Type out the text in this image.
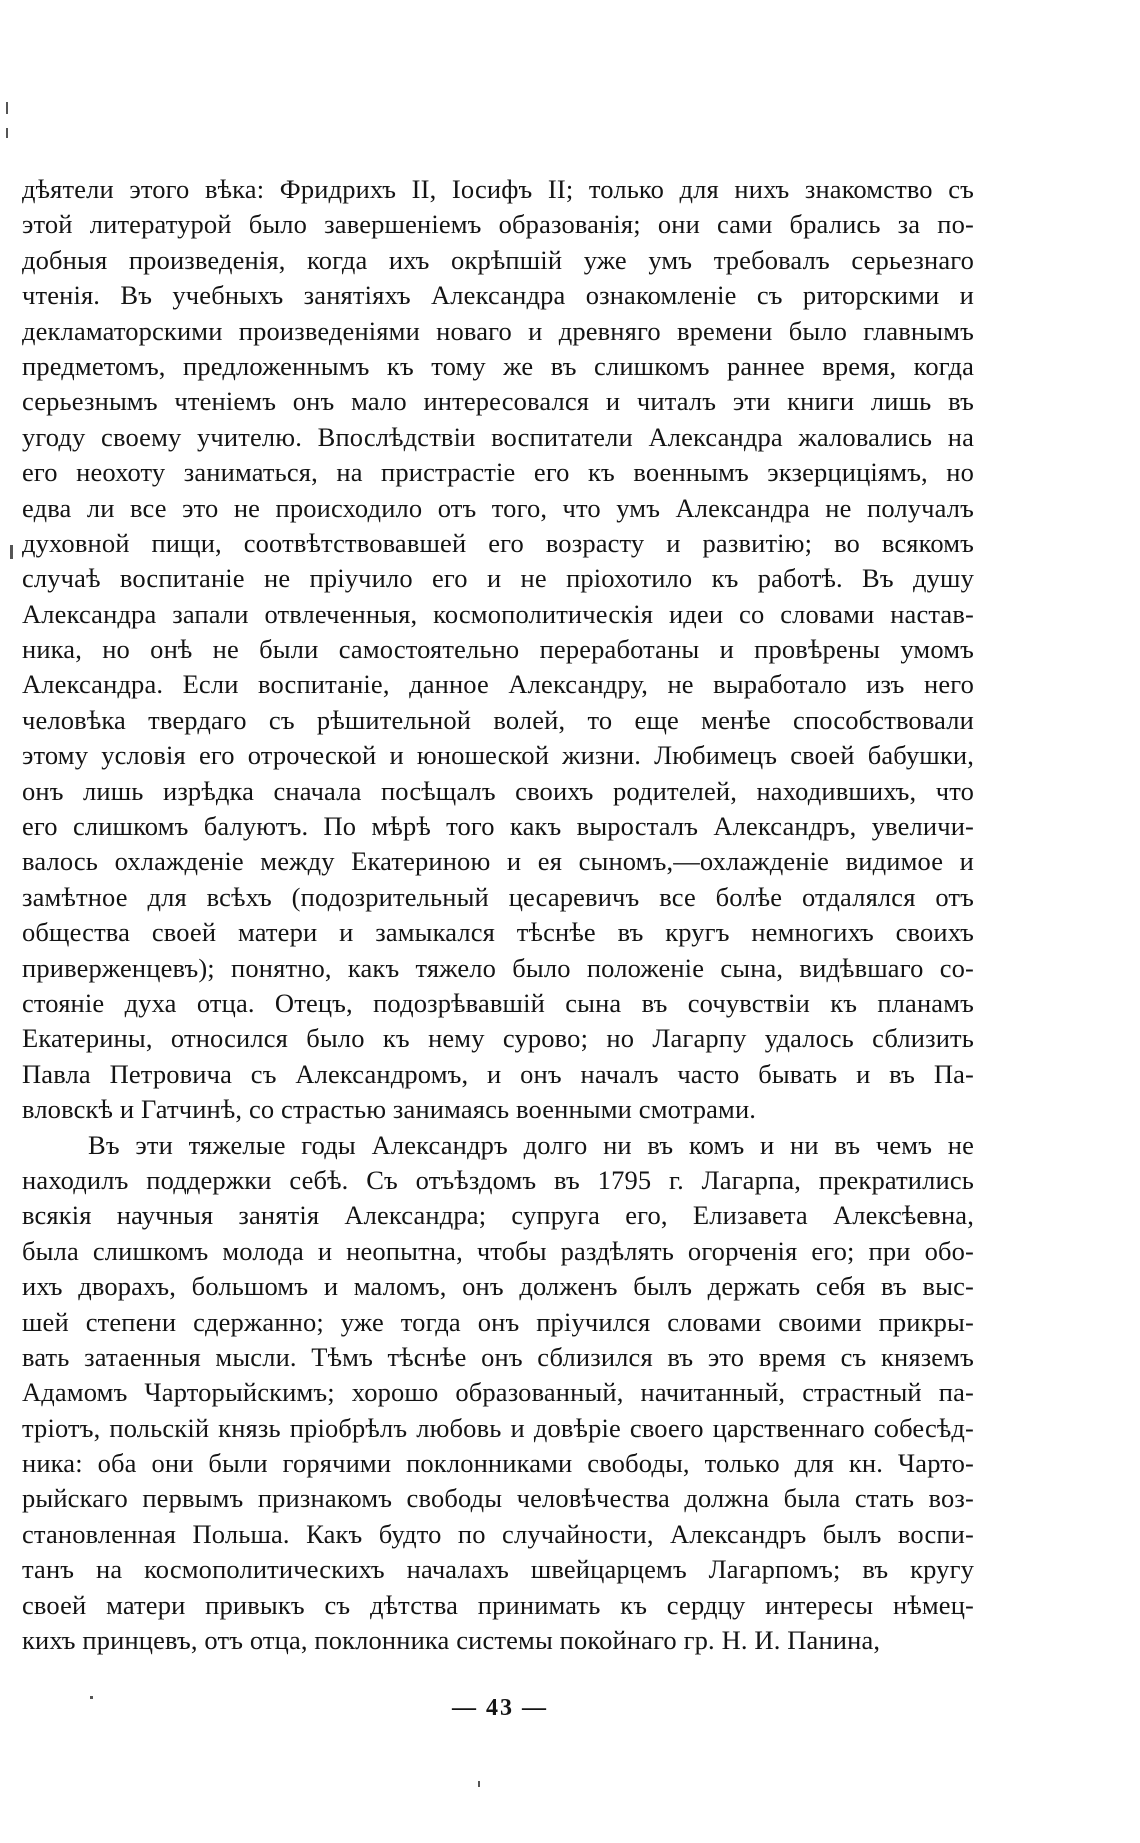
дѣятели этого вѣка: Фридрихъ II, Іосифъ II; только для нихъ знакомство съ
этой литературой было завершеніемъ образованія; они сами брались за по-
добныя произведенія, когда ихъ окрѣпшій уже умъ требовалъ серьезнаго
чтенія. Въ учебныхъ занятіяхъ Александра ознакомленіе съ риторскими и
декламаторскими произведеніями новаго и древняго времени было главнымъ
предметомъ, предложеннымъ къ тому же въ слишкомъ раннее время, когда
серьезнымъ чтеніемъ онъ мало интересовался и читалъ эти книги лишь въ
угоду своему учителю. Впослѣдствіи воспитатели Александра жаловались на
его неохоту заниматься, на пристрастіе его къ военнымъ экзерциціямъ, но
едва ли все это не происходило отъ того, что умъ Александра не получалъ
духовной пищи, соотвѣтствовавшей его возрасту и развитію; во всякомъ
случаѣ воспитаніе не пріучило его и не пріохотило къ работѣ. Въ душу
Александра запали отвлеченныя, космополитическія идеи со словами настав-
ника, но онѣ не были самостоятельно переработаны и провѣрены умомъ
Александра. Если воспитаніе, данное Александру, не выработало изъ него
человѣка твердаго съ рѣшительной волей, то еще менѣе способствовали
этому условія его отроческой и юношеской жизни. Любимецъ своей бабушки,
онъ лишь изрѣдка сначала посѣщалъ своихъ родителей, находившихъ, что
его слишкомъ балуютъ. По мѣрѣ того какъ выросталъ Александръ, увеличи-
валось охлажденіе между Екатериною и ея сыномъ,—охлажденіе видимое и
замѣтное для всѣхъ (подозрительный цесаревичъ все болѣе отдалялся отъ
общества своей матери и замыкался тѣснѣе въ кругъ немногихъ своихъ
приверженцевъ); понятно, какъ тяжело было положеніе сына, видѣвшаго со-
стояніе духа отца. Отецъ, подозрѣвавшій сына въ сочувствіи къ планамъ
Екатерины, относился было къ нему сурово; но Лагарпу удалось сблизить
Павла Петровича съ Александромъ, и онъ началъ часто бывать и въ Па-
вловскѣ и Гатчинѣ, со страстью занимаясь военными смотрами.
Въ эти тяжелые годы Александръ долго ни въ комъ и ни въ чемъ не
находилъ поддержки себѣ. Съ отъѣздомъ въ 1795 г. Лагарпа, прекратились
всякія научныя занятія Александра; супруга его, Елизавета Алексѣевна,
была слишкомъ молода и неопытна, чтобы раздѣлять огорченія его; при обо-
ихъ дворахъ, большомъ и маломъ, онъ долженъ былъ держать себя въ выс-
шей степени сдержанно; уже тогда онъ пріучился словами своими прикры-
вать затаенныя мысли. Тѣмъ тѣснѣе онъ сблизился въ это время съ княземъ
Адамомъ Чарторыйскимъ; хорошо образованный, начитанный, страстный па-
тріотъ, польскій князь пріобрѣлъ любовь и довѣріе своего царственнаго собесѣд-
ника: оба они были горячими поклонниками свободы, только для кн. Чарто-
рыйскаго первымъ признакомъ свободы человѣчества должна была стать воз-
становленная Польша. Какъ будто по случайности, Александръ былъ воспи-
танъ на космополитическихъ началахъ швейцарцемъ Лагарпомъ; въ кругу
своей матери привыкъ съ дѣтства принимать къ сердцу интересы нѣмец-
кихъ принцевъ, отъ отца, поклонника системы покойнаго гр. Н. И. Панина,
— 43 —
